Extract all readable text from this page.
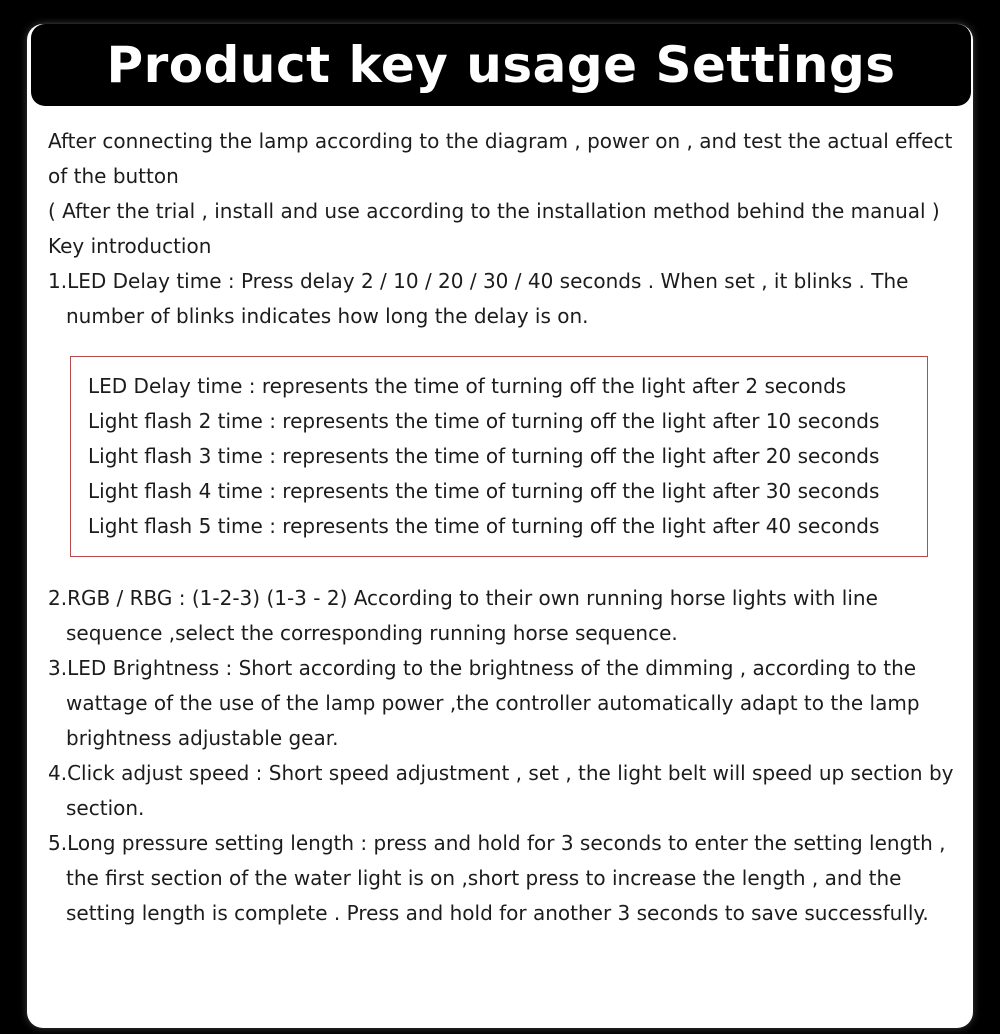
Product key usage Settings

After connecting the lamp according to the diagram , power on , and test the actual effect of the button

( After the trial , install and use according to the installation method behind the manual )

Key introduction

1.LED Delay time : Press delay 2 / 10 / 20 / 30 / 40 seconds . When set , it blinks . The number of blinks indicates how long the delay is on.

LED Delay time : represents the time of turning off the light after 2 seconds

Light flash 2 time : represents the time of turning off the light after 10 seconds

Light flash 3 time : represents the time of turning off the light after 20 seconds

Light flash 4 time : represents the time of turning off the light after 30 seconds

Light flash 5 time : represents the time of turning off the light after 40 seconds

2.RGB / RBG : (1-2-3) (1-3 - 2) According to their own running horse lights with line sequence ,select the corresponding running horse sequence.

3.LED Brightness : Short according to the brightness of the dimming , according to the wattage of the use of the lamp power ,the controller automatically adapt to the lamp brightness adjustable gear.

4.Click adjust speed : Short speed adjustment , set , the light belt will speed up section by section.

5.Long pressure setting length : press and hold for 3 seconds to enter the setting length , the first section of the water light is on ,short press to increase the length , and the setting length is complete . Press and hold for another 3 seconds to save successfully.
